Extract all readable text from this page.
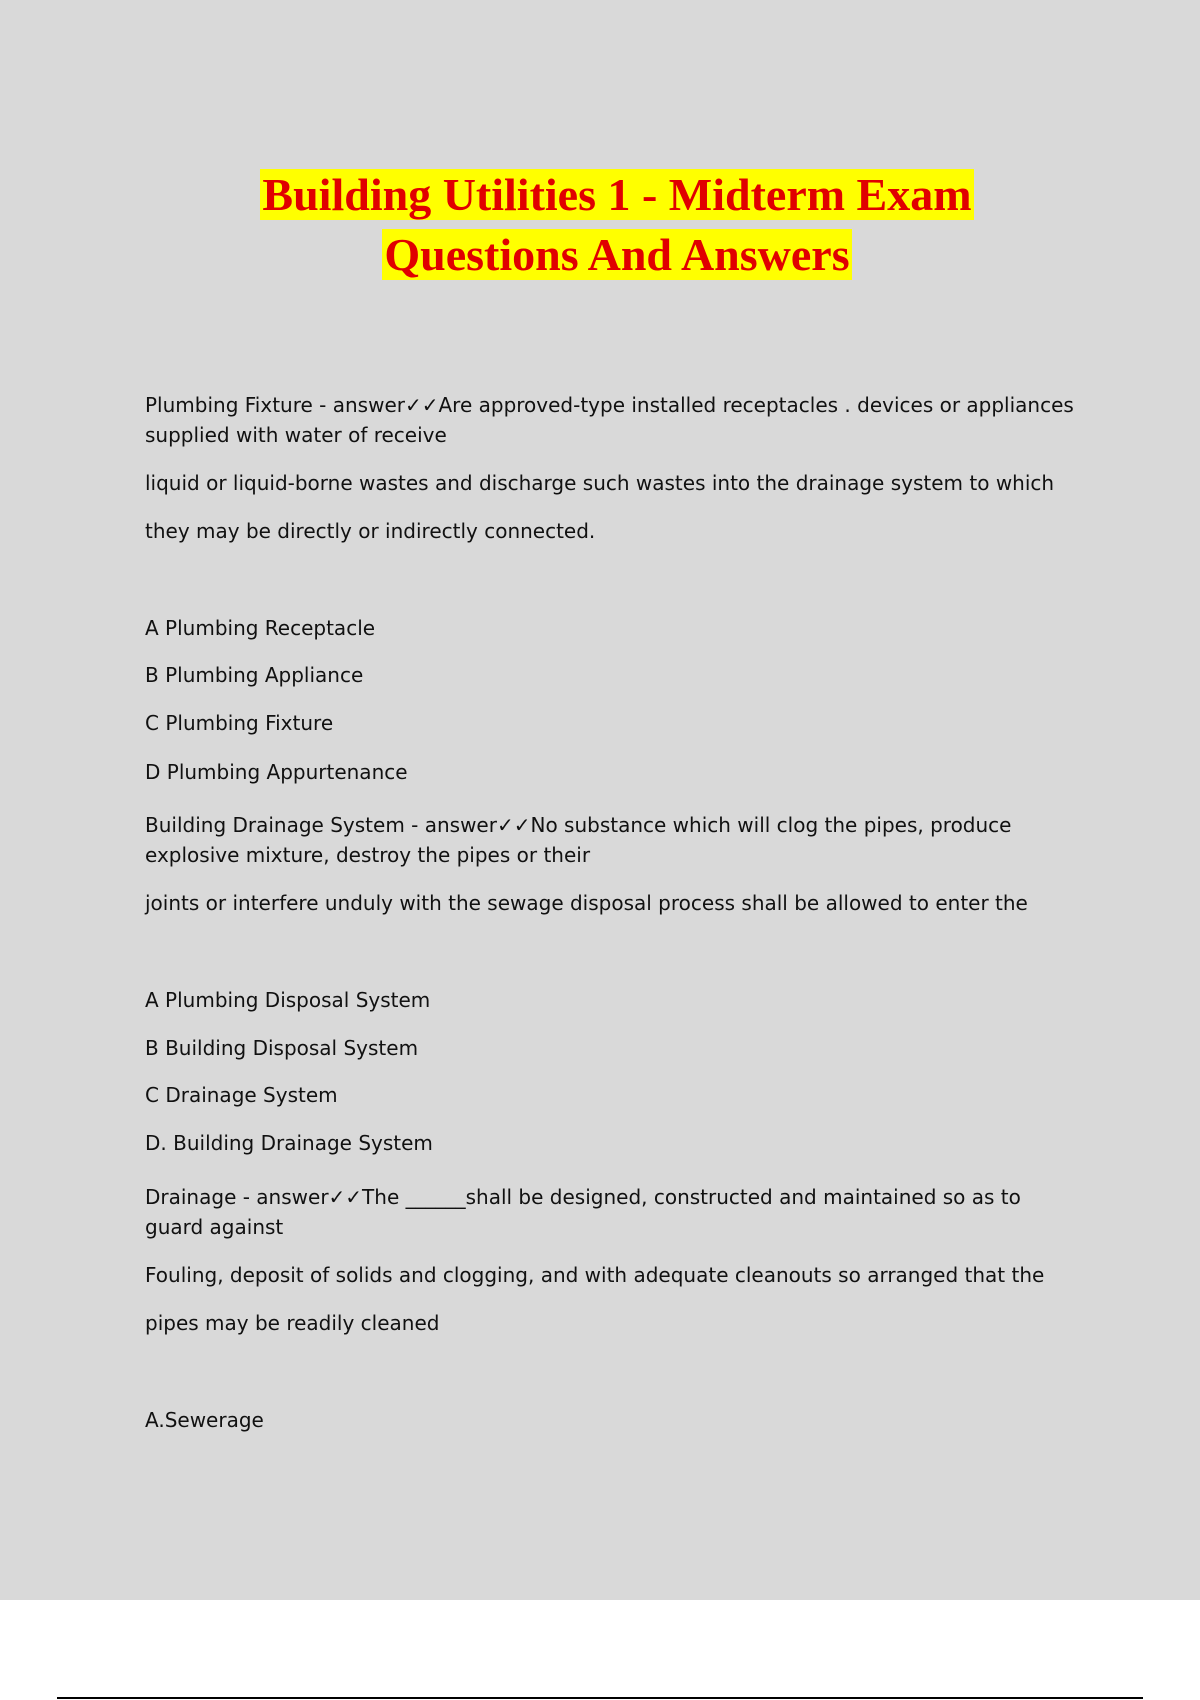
Building Utilities 1 - Midterm Exam
Questions And Answers
Plumbing Fixture - answer✓✓Are approved-type installed receptacles . devices or appliances supplied with water of receive
liquid or liquid-borne wastes and discharge such wastes into the drainage system to which
they may be directly or indirectly connected.
A Plumbing Receptacle
B Plumbing Appliance
C Plumbing Fixture
D Plumbing Appurtenance
Building Drainage System - answer✓✓No substance which will clog the pipes, produce explosive mixture, destroy the pipes or their
joints or interfere unduly with the sewage disposal process shall be allowed to enter the
A Plumbing Disposal System
B Building Disposal System
C Drainage System
D. Building Drainage System
Drainage - answer✓✓The ______shall be designed, constructed and maintained so as to guard against
Fouling, deposit of solids and clogging, and with adequate cleanouts so arranged that the
pipes may be readily cleaned
A.Sewerage
